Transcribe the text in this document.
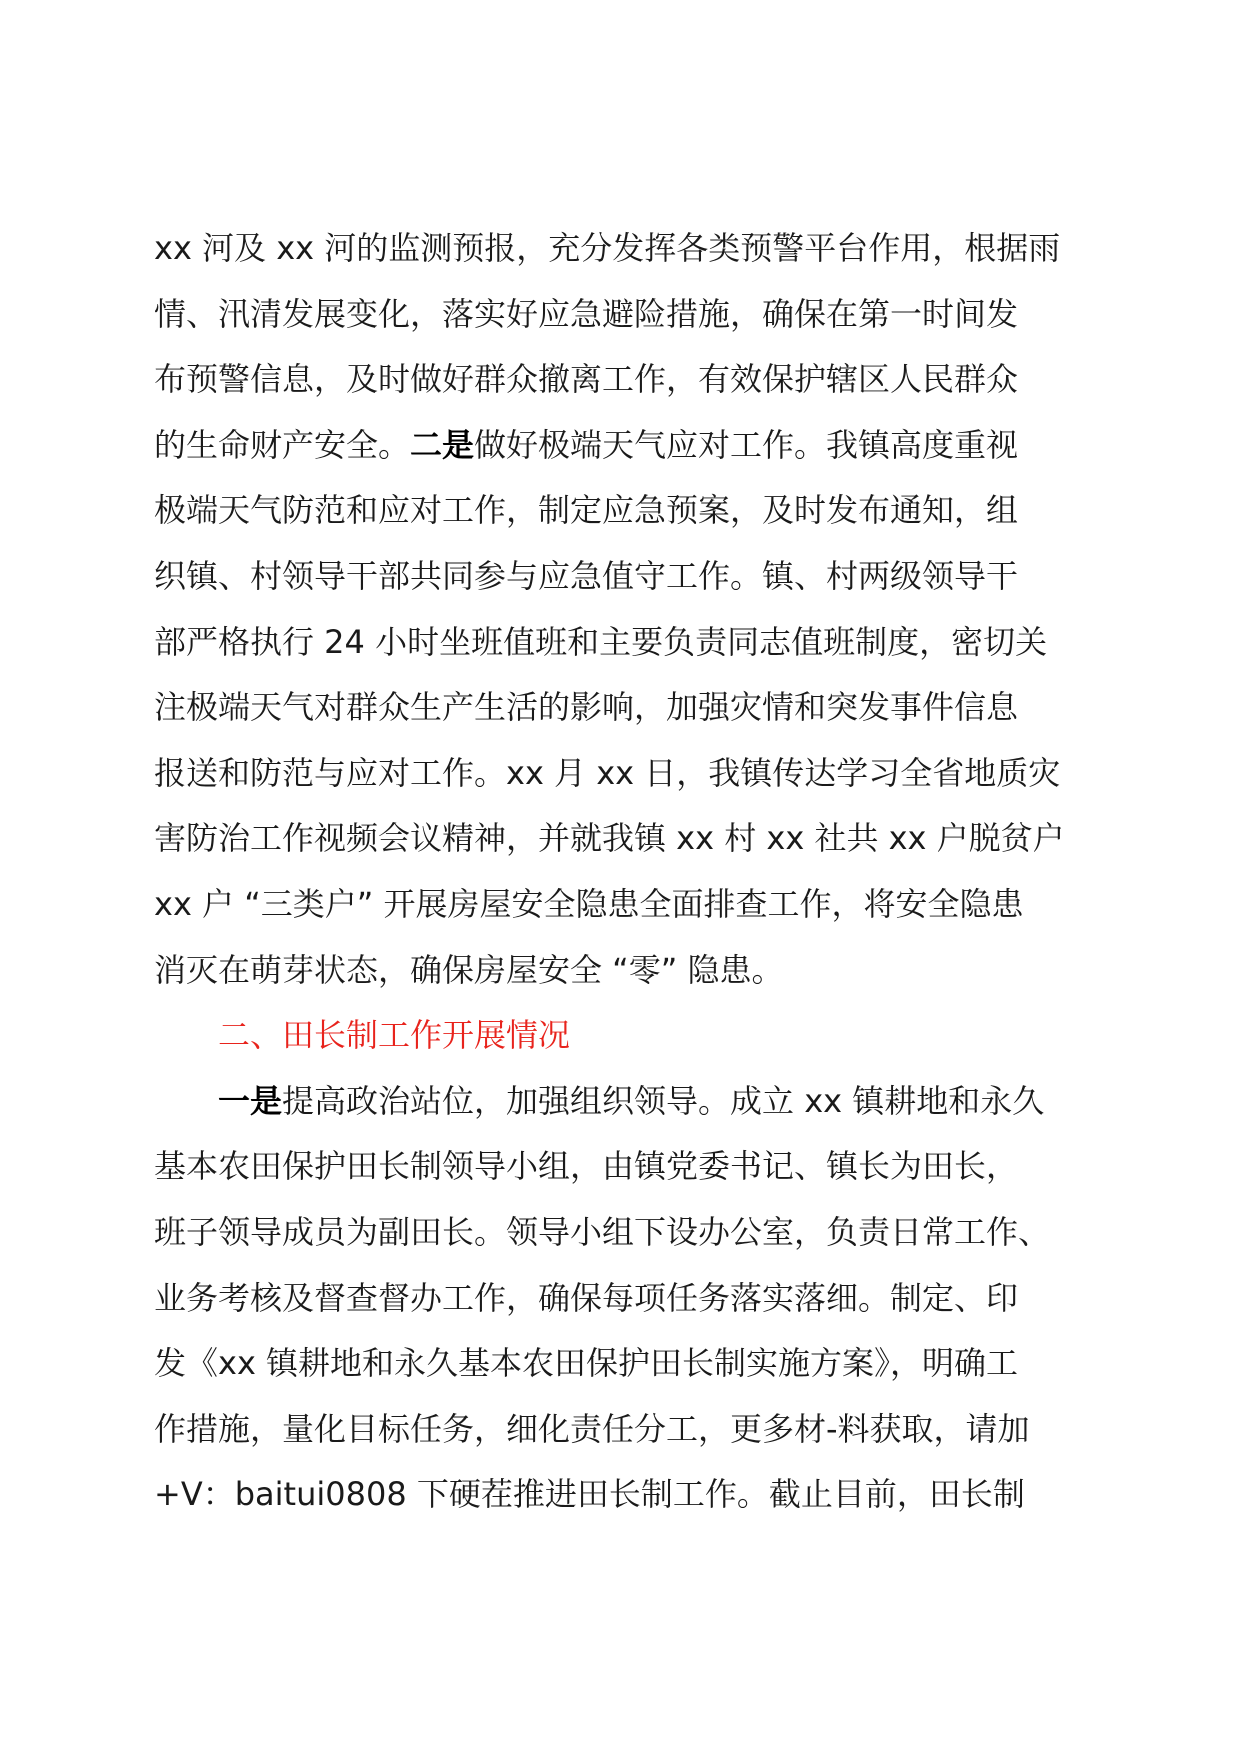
xx 河及 xx 河的监测预报，充分发挥各类预警平台作用，根据雨
情、汛清发展变化，落实好应急避险措施，确保在第一时间发
布预警信息，及时做好群众撤离工作，有效保护辖区人民群众
的生命财产安全。二是做好极端天气应对工作。我镇高度重视
极端天气防范和应对工作，制定应急预案，及时发布通知，组
织镇、村领导干部共同参与应急值守工作。镇、村两级领导干
部严格执行 24 小时坐班值班和主要负责同志值班制度，密切关
注极端天气对群众生产生活的影响，加强灾情和突发事件信息
报送和防范与应对工作。xx 月 xx 日，我镇传达学习全省地质灾
害防治工作视频会议精神，并就我镇 xx 村 xx 社共 xx 户脱贫户
xx 户 “三类户” 开展房屋安全隐患全面排查工作，将安全隐患
消灭在萌芽状态，确保房屋安全 “零” 隐患。
二、田长制工作开展情况
一是提高政治站位，加强组织领导。成立 xx 镇耕地和永久
基本农田保护田长制领导小组，由镇党委书记、镇长为田长，
班子领导成员为副田长。领导小组下设办公室，负责日常工作、
业务考核及督查督办工作，确保每项任务落实落细。制定、印
发《xx 镇耕地和永久基本农田保护田长制实施方案》，明确工
作措施，量化目标任务，细化责任分工，更多材-料获取，请加
+V：baitui0808 下硬茬推进田长制工作。截止目前，田长制
